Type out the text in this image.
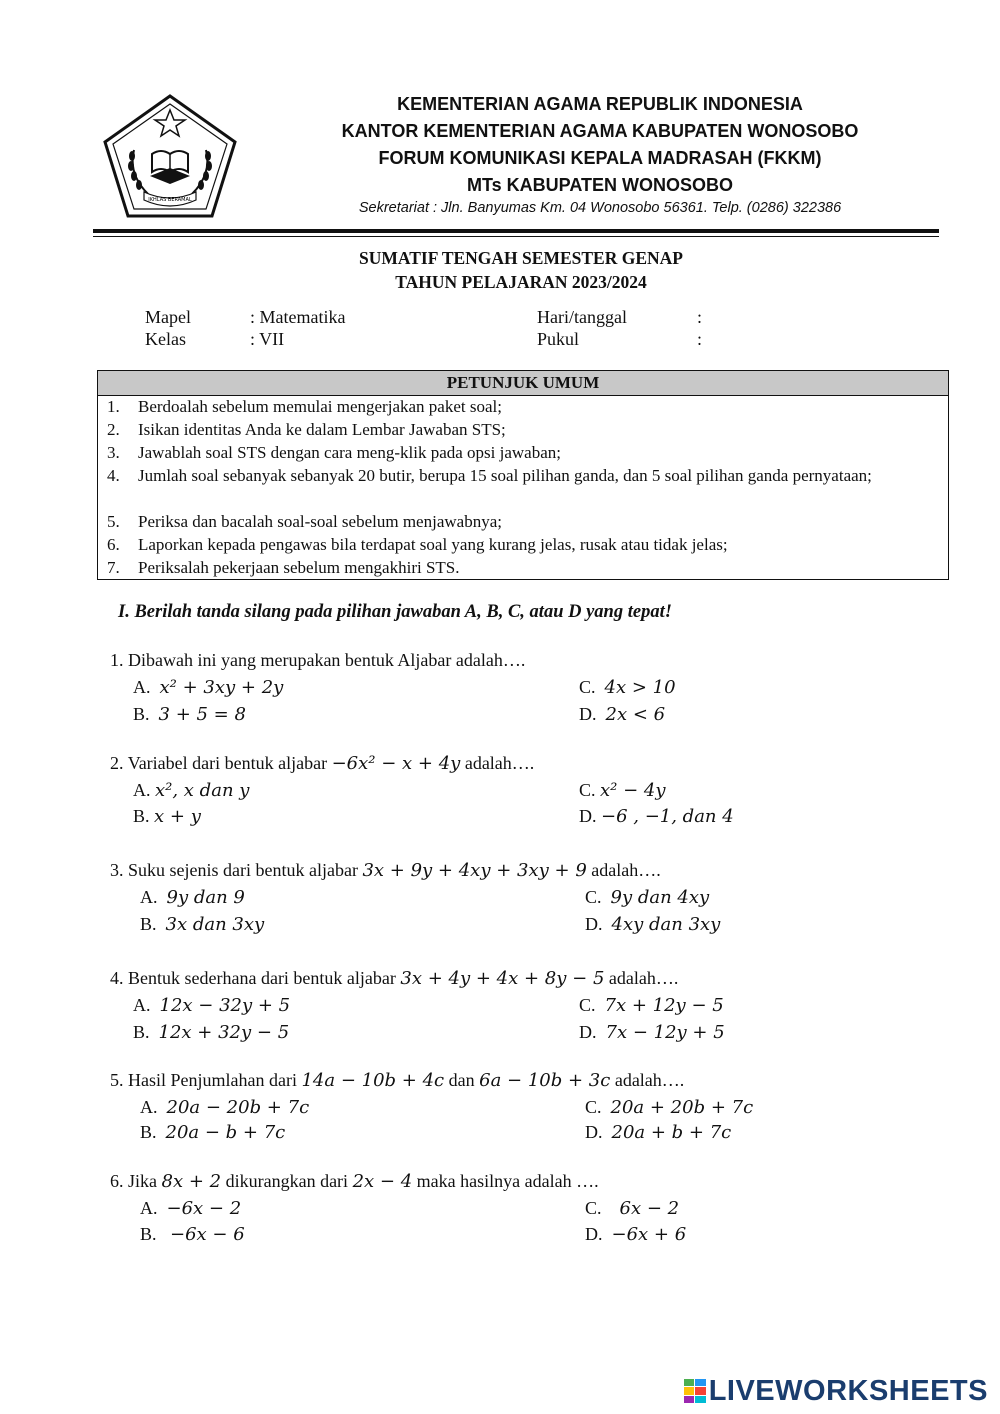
IKHLAS BERAMAL
KEMENTERIAN AGAMA REPUBLIK INDONESIA
KANTOR KEMENTERIAN AGAMA KABUPATEN WONOSOBO
FORUM KOMUNIKASI KEPALA MADRASAH (FKKM)
MTs KABUPATEN WONOSOBO
Sekretariat : Jln. Banyumas Km. 04 Wonosobo 56361. Telp. (0286) 322386
SUMATIF TENGAH SEMESTER GENAP
TAHUN PELAJARAN 2023/2024
Mapel	: Matematika	Hari/tanggal	:
Kelas	: VII	Pukul	:
PETUNJUK UMUM
1. Berdoalah sebelum memulai mengerjakan paket soal;
2. Isikan identitas Anda ke dalam Lembar Jawaban STS;
3. Jawablah soal STS dengan cara meng-klik pada opsi jawaban;
4. Jumlah soal sebanyak sebanyak 20 butir, berupa 15 soal pilihan ganda, dan 5 soal pilihan ganda pernyataan;
5. Periksa dan bacalah soal-soal sebelum menjawabnya;
6. Laporkan kepada pengawas bila terdapat soal yang kurang jelas, rusak atau tidak jelas;
7. Periksalah pekerjaan sebelum mengakhiri STS.
I. Berilah tanda silang pada pilihan jawaban A, B, C, atau D yang tepat!
1. Dibawah ini yang merupakan bentuk Aljabar adalah….
A. x² + 3xy + 2y
B. 3 + 5 = 8
C. 4x > 10
D. 2x < 6
2. Variabel dari bentuk aljabar −6x² − x + 4y adalah….
A. x², x dan y
B. x + y
C. x² − 4y
D. −6 , −1, dan 4
3. Suku sejenis dari bentuk aljabar 3x + 9y + 4xy + 3xy + 9 adalah….
A. 9y dan 9
B. 3x dan 3xy
C. 9y dan 4xy
D. 4xy dan 3xy
4. Bentuk sederhana dari bentuk aljabar 3x + 4y + 4x + 8y − 5 adalah….
A. 12x − 32y + 5
B. 12x + 32y − 5
C. 7x + 12y − 5
D. 7x − 12y + 5
5. Hasil Penjumlahan dari 14a − 10b + 4c dan 6a − 10b + 3c adalah….
A. 20a − 20b + 7c
B. 20a − b + 7c
C. 20a + 20b + 7c
D. 20a + b + 7c
6. Jika 8x + 2 dikurangkan dari 2x − 4 maka hasilnya adalah ….
A. −6x − 2
B. −6x − 6
C. 6x − 2
D. −6x + 6
LIVEWORKSHEETS
